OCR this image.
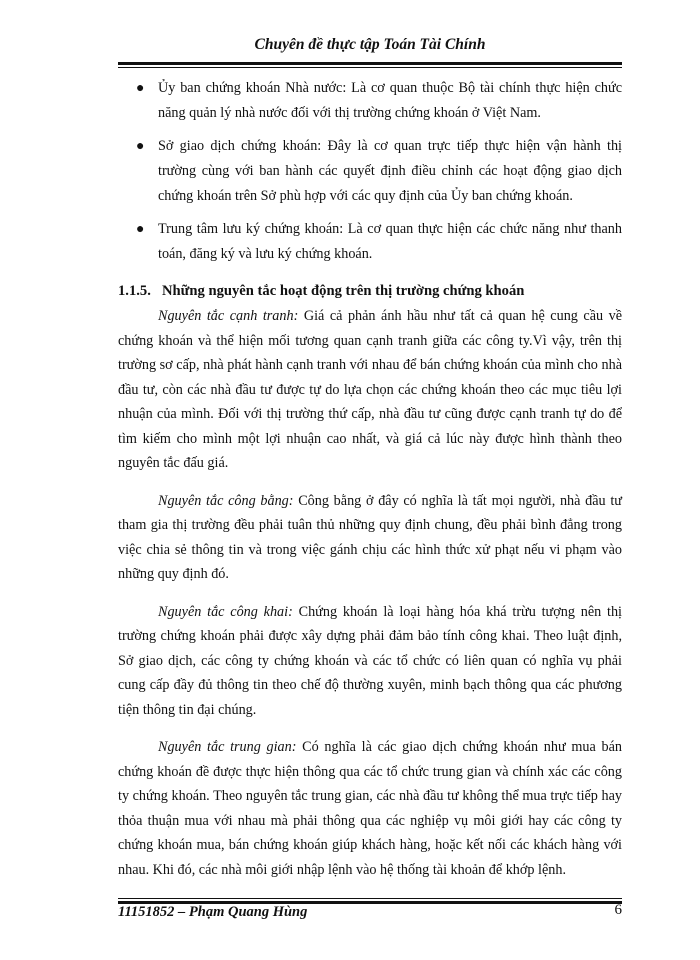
Chuyên đề thực tập Toán Tài Chính
● Ủy ban chứng khoán Nhà nước: Là cơ quan thuộc Bộ tài chính thực hiện chức năng quản lý nhà nước đối với thị trường chứng khoán ở Việt Nam.
● Sở giao dịch chứng khoán: Đây là cơ quan trực tiếp thực hiện vận hành thị trường cùng với ban hành các quyết định điều chỉnh các hoạt động giao dịch chứng khoán trên Sở phù hợp với các quy định của Ủy ban chứng khoán.
● Trung tâm lưu ký chứng khoán: Là cơ quan thực hiện các chức năng như thanh toán, đăng ký và lưu ký chứng khoán.
1.1.5. Những nguyên tắc hoạt động trên thị trường chứng khoán

Nguyên tắc cạnh tranh: Giá cả phản ánh hầu như tất cả quan hệ cung cầu về chứng khoán và thể hiện mối tương quan cạnh tranh giữa các công ty.Vì vậy, trên thị trường sơ cấp, nhà phát hành cạnh tranh với nhau để bán chứng khoán của mình cho nhà đầu tư, còn các nhà đầu tư được tự do lựa chọn các chứng khoán theo các mục tiêu lợi nhuận của mình. Đối với thị trường thứ cấp, nhà đầu tư cũng được cạnh tranh tự do để tìm kiếm cho mình một lợi nhuận cao nhất, và giá cả lúc này được hình thành theo nguyên tắc đấu giá.

Nguyên tắc công bằng: Công bằng ở đây có nghĩa là tất mọi người, nhà đầu tư tham gia thị trường đều phải tuân thủ những quy định chung, đều phải bình đẳng trong việc chia sẻ thông tin và trong việc gánh chịu các hình thức xử phạt nếu vi phạm vào những quy định đó.

Nguyên tắc công khai: Chứng khoán là loại hàng hóa khá trừu tượng nên thị trường chứng khoán phải được xây dựng phải đảm bảo tính công khai. Theo luật định, Sở giao dịch, các công ty chứng khoán và các tổ chức có liên quan có nghĩa vụ phải cung cấp đầy đủ thông tin theo chế độ thường xuyên, minh bạch thông qua các phương tiện thông tin đại chúng.

Nguyên tắc trung gian: Có nghĩa là các giao dịch chứng khoán như mua bán chứng khoán đề được thực hiện thông qua các tổ chức trung gian và chính xác các công ty chứng khoán. Theo nguyên tắc trung gian, các nhà đầu tư không thể mua trực tiếp hay thỏa thuận mua với nhau mà phải thông qua các nghiệp vụ môi giới hay các công ty chứng khoán mua, bán chứng khoán giúp khách hàng, hoặc kết nối các khách hàng với nhau. Khi đó, các nhà môi giới nhập lệnh vào hệ thống tài khoản để khớp lệnh.

11151852 – Phạm Quang Hùng	6
